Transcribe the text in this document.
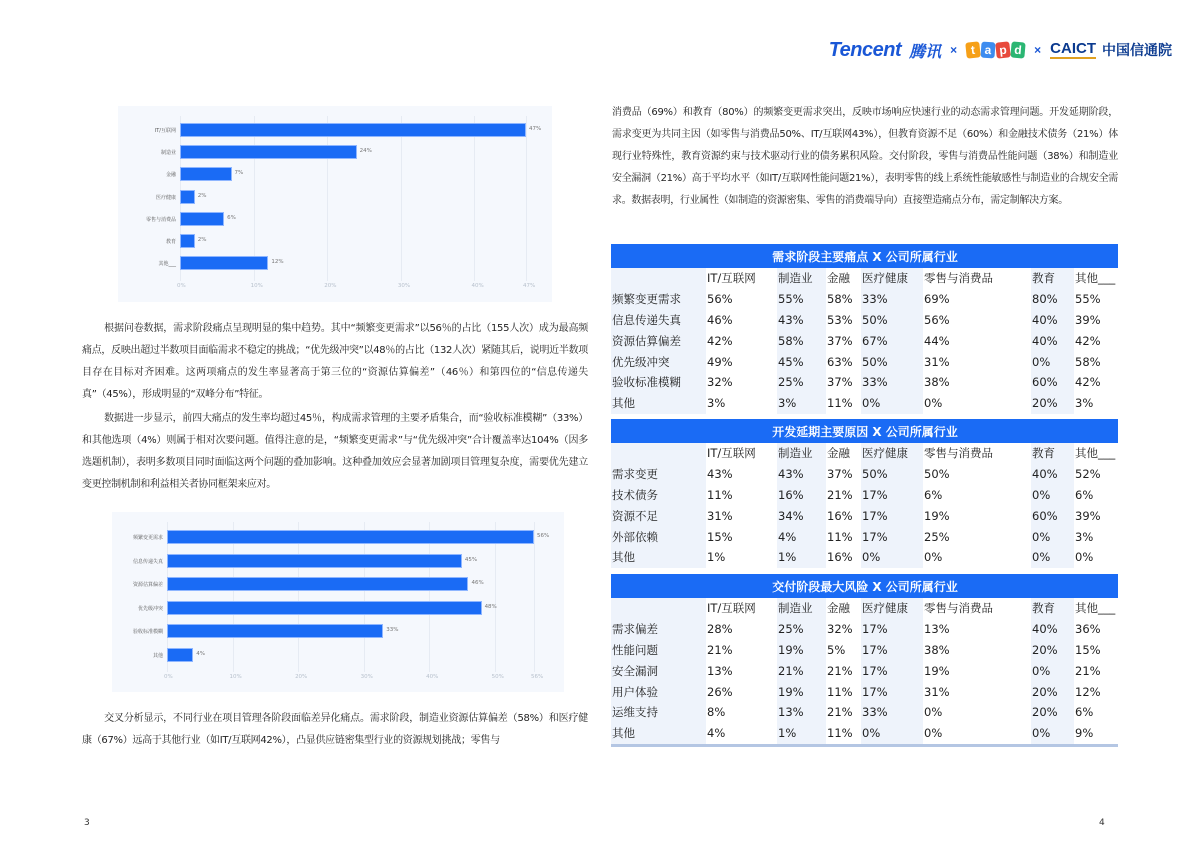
Tencent 腾讯 ×	t a p d × CAICT 中国信通院
0%	10%	20%	30%	40%	47%
IT/互联网	47%
制造业	24%
金融	7%
医疗健康	2%
零售与消费品	6%
教育	2%
其他___	12%
根据问卷数据，需求阶段痛点呈现明显的集中趋势。其中“频繁变更需求”以56％的占比（155人次）成为最高频痛点，反映出超过半数项目面临需求不稳定的挑战；“优先级冲突”以48％的占比（132人次）紧随其后，说明近半数项目存在目标对齐困难。这两项痛点的发生率显著高于第三位的“资源估算偏差”（46％）和第四位的“信息传递失真”（45%），形成明显的“双峰分布”特征。
数据进一步显示，前四大痛点的发生率均超过45％，构成需求管理的主要矛盾集合，而“验收标准模糊”（33%）和其他选项（4%）则属于相对次要问题。值得注意的是，“频繁变更需求”与“优先级冲突”合计覆盖率达104%（因多选题机制），表明多数项目同时面临这两个问题的叠加影响。这种叠加效应会显著加剧项目管理复杂度，需要优先建立变更控制机制和利益相关者协同框架来应对。
0%	10%	20%	30%	40%	50%	56%
频繁变更需求	56%
信息传递失真	45%
资源估算偏差	46%
优先级冲突	48%
验收标准模糊	33%
其他	4%
交叉分析显示，不同行业在项目管理各阶段面临差异化痛点。需求阶段，制造业资源估算偏差（58%）和医疗健康（67%）远高于其他行业（如IT/互联网42%），凸显供应链密集型行业的资源规划挑战；零售与
3
消费品（69%）和教育（80%）的频繁变更需求突出，反映市场响应快速行业的动态需求管理问题。开发延期阶段，需求变更为共同主因（如零售与消费品50%、IT/互联网43%），但教育资源不足（60%）和金融技术债务（21%）体现行业特殊性，教育资源约束与技术驱动行业的债务累积风险。交付阶段，零售与消费品性能问题（38%）和制造业安全漏洞（21%）高于平均水平（如IT/互联网性能问题21%），表明零售的线上系统性能敏感性与制造业的合规安全需求。数据表明，行业属性（如制造的资源密集、零售的消费端导向）直接塑造痛点分布，需定制解决方案。
需求阶段主要痛点 X 公司所属行业							
	IT/互联网	制造业	金融	医疗健康	零售与消费品	教育	其他___
频繁变更需求	56%	55%	58%	33%	69%	80%	55%
信息传递失真	46%	43%	53%	50%	56%	40%	39%
资源估算偏差	42%	58%	37%	67%	44%	40%	42%
优先级冲突	49%	45%	63%	50%	31%	0%	58%
验收标准模糊	32%	25%	37%	33%	38%	60%	42%
其他	3%	3%	11%	0%	0%	20%	3%
开发延期主要原因 X 公司所属行业							
	IT/互联网	制造业	金融	医疗健康	零售与消费品	教育	其他___
需求变更	43%	43%	37%	50%	50%	40%	52%
技术债务	11%	16%	21%	17%	6%	0%	6%
资源不足	31%	34%	16%	17%	19%	60%	39%
外部依赖	15%	4%	11%	17%	25%	0%	3%
其他	1%	1%	16%	0%	0%	0%	0%
交付阶段最大风险 X 公司所属行业							
	IT/互联网	制造业	金融	医疗健康	零售与消费品	教育	其他___
需求偏差	28%	25%	32%	17%	13%	40%	36%
性能问题	21%	19%	5%	17%	38%	20%	15%
安全漏洞	13%	21%	21%	17%	19%	0%	21%
用户体验	26%	19%	11%	17%	31%	20%	12%
运维支持	8%	13%	21%	33%	0%	20%	6%
其他	4%	1%	11%	0%	0%	0%	9%

4
